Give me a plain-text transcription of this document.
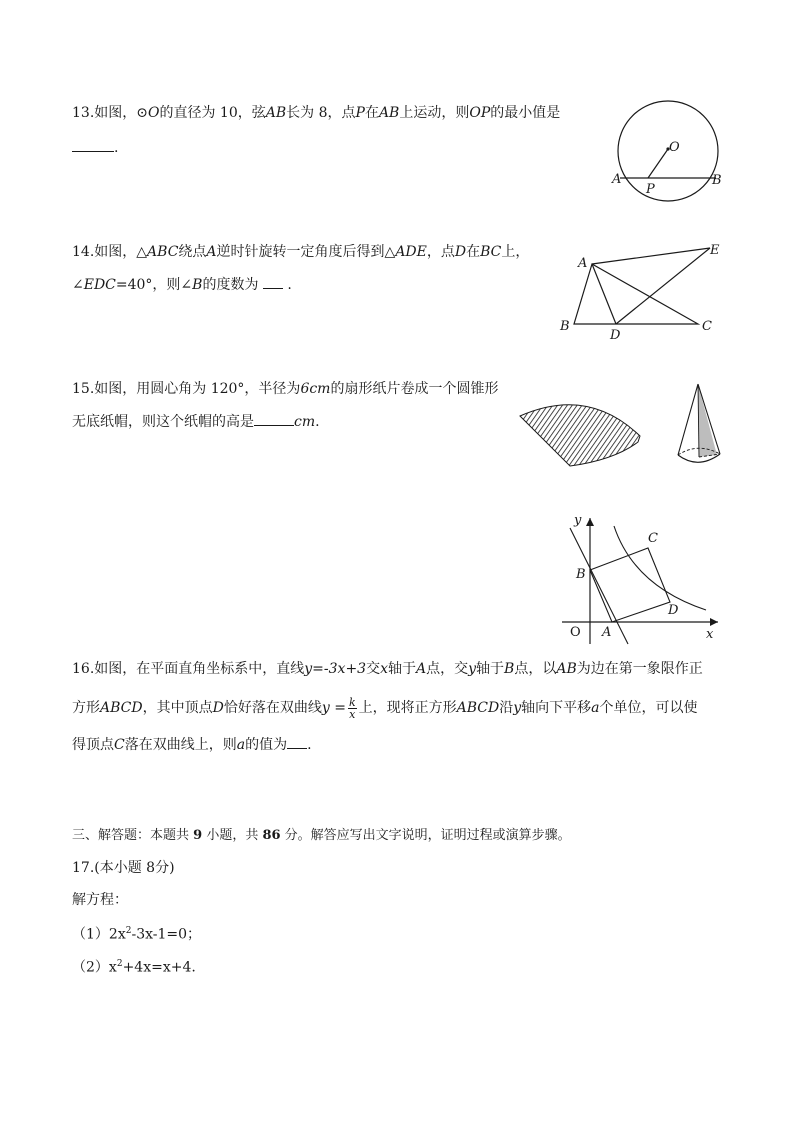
13.如图，⊙O的直径为 10，弦AB长为 8，点P在AB上运动，则OP的最小值是
.	O
A
P
B
14.如图，△ABC绕点A逆时针旋转一定角度后得到△ADE，点D在BC上，
∠EDC=40°，则∠B的度数为 .
A
E
B
D
C
15.如图，用圆心角为 120°，半径为6cm的扇形纸片卷成一个圆锥形
无底纸帽，则这个纸帽的高是	cm.
y
x
O A
B
C
D
16.如图，在平面直角坐标系中，直线y=-3x+3交x轴于A点，交y轴于B点，以AB为边在第一象限作正
方形ABCD，其中顶点D恰好落在双曲线$y = \frac{k}{x}$ 上，现将正方形ABCD沿y轴向下平移a个单位，可以使
得顶点C落在双曲线上，则a的值为 .
三、解答题：本题共 9 小题，共 86 分。解答应写出文字说明，证明过程或演算步骤。
17.(本小题 8分)
解方程：
$(1)2x^2-3x-1=0$；
$(2)x^2+4x=x+4$.
